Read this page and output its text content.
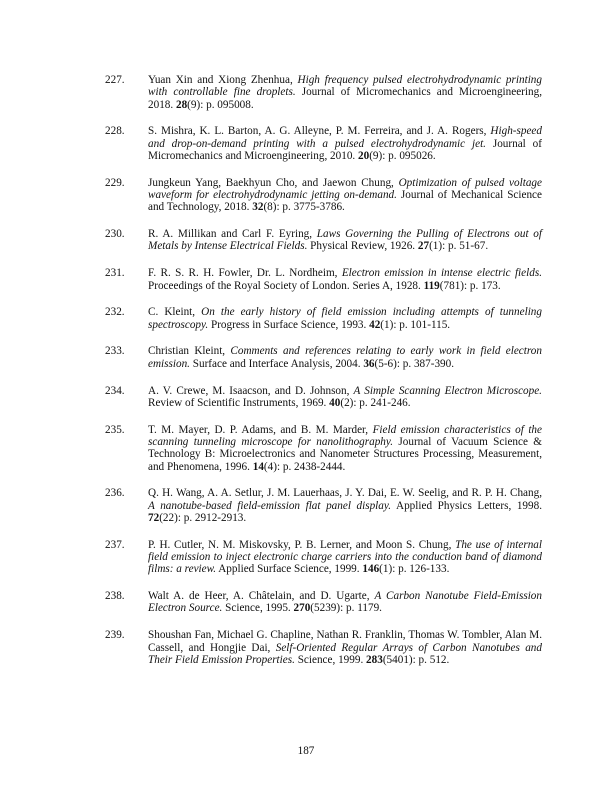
227.	Yuan Xin and Xiong Zhenhua, High frequency pulsed electrohydrodynamic printing with controllable fine droplets. Journal of Micromechanics and Microengineering, 2018. 28(9): p. 095008.
228.	S. Mishra, K. L. Barton, A. G. Alleyne, P. M. Ferreira, and J. A. Rogers, High-speed and drop-on-demand printing with a pulsed electrohydrodynamic jet. Journal of Micromechanics and Microengineering, 2010. 20(9): p. 095026.
229.	Jungkeun Yang, Baekhyun Cho, and Jaewon Chung, Optimization of pulsed voltage waveform for electrohydrodynamic jetting on-demand. Journal of Mechanical Science and Technology, 2018. 32(8): p. 3775-3786.
230.	R. A. Millikan and Carl F. Eyring, Laws Governing the Pulling of Electrons out of Metals by Intense Electrical Fields. Physical Review, 1926. 27(1): p. 51-67.
231.	F. R. S. R. H. Fowler, Dr. L. Nordheim, Electron emission in intense electric fields. Proceedings of the Royal Society of London. Series A, 1928. 119(781): p. 173.
232.	C. Kleint, On the early history of field emission including attempts of tunneling spectroscopy. Progress in Surface Science, 1993. 42(1): p. 101-115.
233.	Christian Kleint, Comments and references relating to early work in field electron emission. Surface and Interface Analysis, 2004. 36(5-6): p. 387-390.
234.	A. V. Crewe, M. Isaacson, and D. Johnson, A Simple Scanning Electron Microscope. Review of Scientific Instruments, 1969. 40(2): p. 241-246.
235.	T. M. Mayer, D. P. Adams, and B. M. Marder, Field emission characteristics of the scanning tunneling microscope for nanolithography. Journal of Vacuum Science & Technology B: Microelectronics and Nanometer Structures Processing, Measurement, and Phenomena, 1996. 14(4): p. 2438-2444.
236.	Q. H. Wang, A. A. Setlur, J. M. Lauerhaas, J. Y. Dai, E. W. Seelig, and R. P. H. Chang, A nanotube-based field-emission flat panel display. Applied Physics Letters, 1998. 72(22): p. 2912-2913.
237.	P. H. Cutler, N. M. Miskovsky, P. B. Lerner, and Moon S. Chung, The use of internal field emission to inject electronic charge carriers into the conduction band of diamond films: a review. Applied Surface Science, 1999. 146(1): p. 126-133.
238.	Walt A. de Heer, A. Châtelain, and D. Ugarte, A Carbon Nanotube Field-Emission Electron Source. Science, 1995. 270(5239): p. 1179.
239.	Shoushan Fan, Michael G. Chapline, Nathan R. Franklin, Thomas W. Tombler, Alan M. Cassell, and Hongjie Dai, Self-Oriented Regular Arrays of Carbon Nanotubes and Their Field Emission Properties. Science, 1999. 283(5401): p. 512.
187
